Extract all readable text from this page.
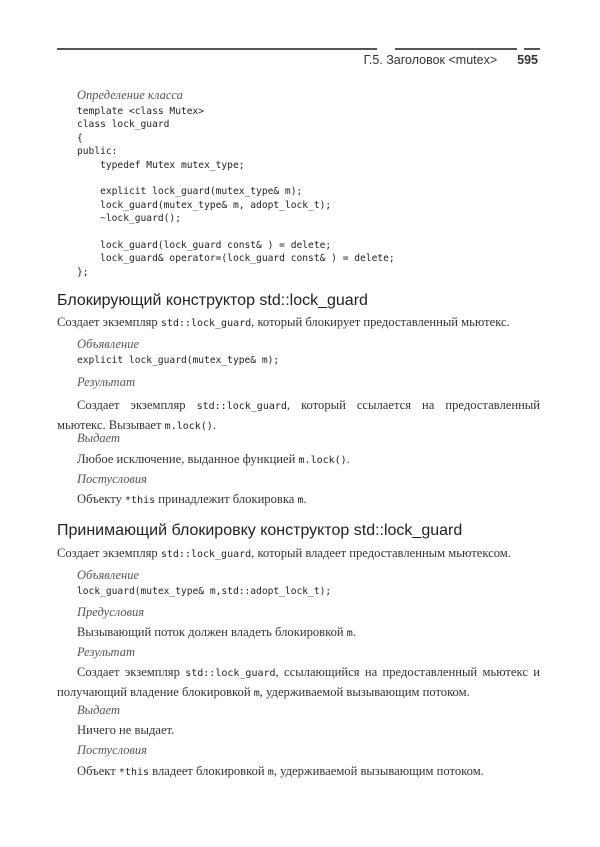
Г.5. Заголовок <mutex> 595
Определение класса
template <class Mutex>
class lock_guard
{
public:
typedef Mutex mutex_type;

explicit lock_guard(mutex_type& m);
lock_guard(mutex_type& m, adopt_lock_t);
~lock_guard();

lock_guard(lock_guard const& ) = delete;
lock_guard& operator=(lock_guard const& ) = delete;
};
Блокирующий конструктор std::lock_guard
Создает экземпляр std::lock_guard, который блокирует предоставленный мьютекс.
Объявление
explicit lock_guard(mutex_type& m);
Результат
Создает экземпляр std::lock_guard, который ссылается на предоставленный мьютекс. Вызывает m.lock().
Выдает
Любое исключение, выданное функцией m.lock().
Постусловия
Объекту *this принадлежит блокировка m.
Принимающий блокировку конструктор std::lock_guard
Создает экземпляр std::lock_guard, который владеет предоставленным мьютексом.
Объявление
lock_guard(mutex_type& m,std::adopt_lock_t);
Предусловия
Вызывающий поток должен владеть блокировкой m.
Результат
Создает экземпляр std::lock_guard, ссылающийся на предоставленный мьютекс и получающий владение блокировкой m, удерживаемой вызывающим потоком.
Выдает
Ничего не выдает.
Постусловия
Объект *this владеет блокировкой m, удерживаемой вызывающим потоком.
